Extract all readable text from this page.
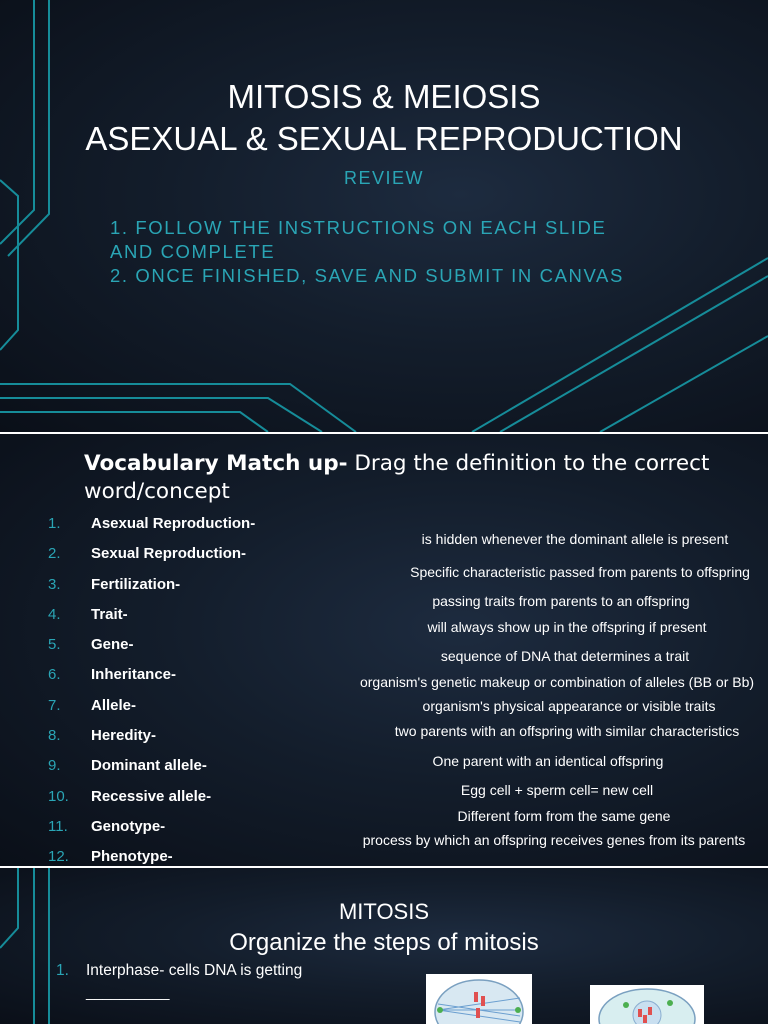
MITOSIS & MEIOSIS
ASEXUAL & SEXUAL REPRODUCTION
REVIEW
1. FOLLOW THE INSTRUCTIONS ON EACH SLIDE
AND COMPLETE
2. ONCE FINISHED, SAVE AND SUBMIT IN CANVAS
Vocabulary Match up- Drag the definition to the correct word/concept
1. Asexual Reproduction-
2. Sexual Reproduction-
3. Fertilization-
4. Trait-
5. Gene-
6. Inheritance-
7. Allele-
8. Heredity-
9. Dominant allele-
10. Recessive allele-
11. Genotype-
12. Phenotype-
is hidden whenever the dominant allele is present
Specific characteristic passed from parents to offspring
passing traits from parents to an offspring
will always show up in the offspring if present
sequence of DNA that determines a trait
organism's genetic makeup or combination of alleles (BB or Bb)
organism's physical appearance or visible traits
two parents with an offspring with similar characteristics
One parent with an identical offspring
Egg cell + sperm cell= new cell
Different form from the same gene
process by which an offspring receives genes from its parents
MITOSIS
Organize the steps of mitosis
1. Interphase- cells DNA is getting
__________
